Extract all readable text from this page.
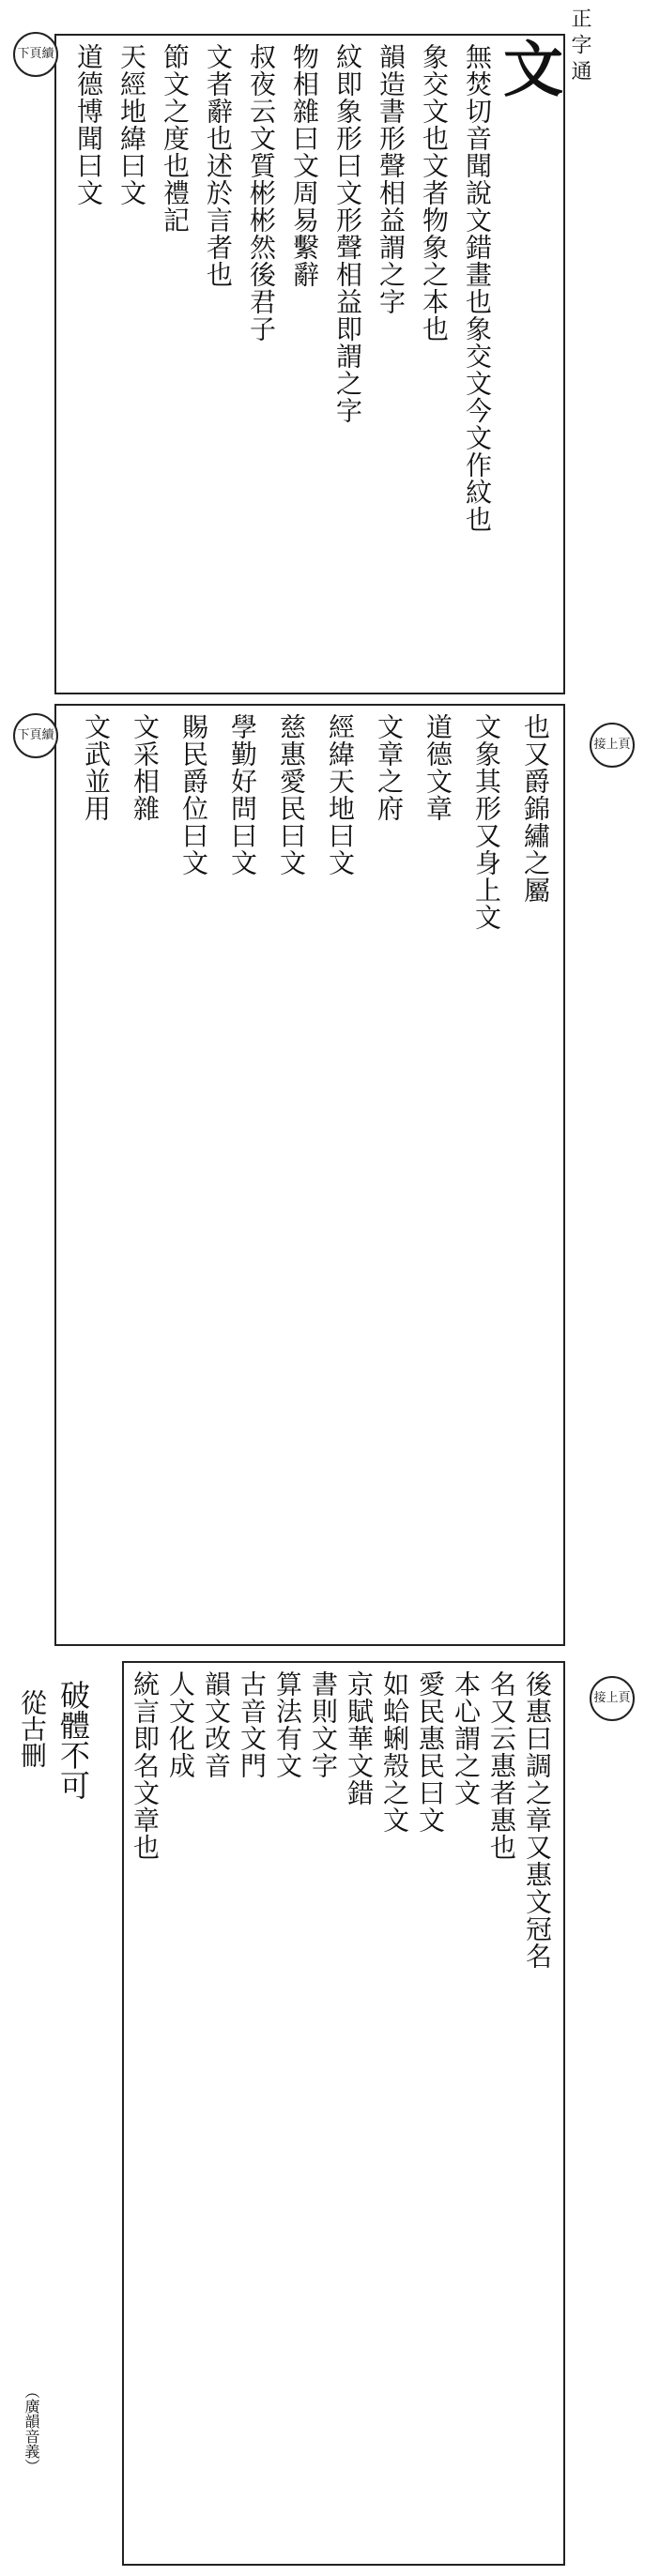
正字通
文
無焚切音聞說文錯畫也象交文今文作紋也
象交文也文者物象之本也
韻造書形聲相益謂之字
紋即象形曰文形聲相益即謂之字
物相雜曰文周易繫辭
叔夜云文質彬彬然後君子
文者辭也述於言者也
節文之度也禮記
天經地緯曰文
道德博聞曰文
下頁續
也又爵錦繡之屬
文象其形又身上文
道德文章
文章之府
經緯天地曰文
慈惠愛民曰文
學勤好問曰文
賜民爵位曰文
文采相雜
文武並用
下頁續
接上頁
後惠曰調之章又惠文冠名
名又云惠者惠也
本心謂之文
愛民惠民曰文
如蛤蜊殼之文
京賦華文錯
書則文字
算法有文
古音文門
韻文改音
人文化成
統言即名文章也	接上頁
破體不可
從古刪
（廣韻音義）
